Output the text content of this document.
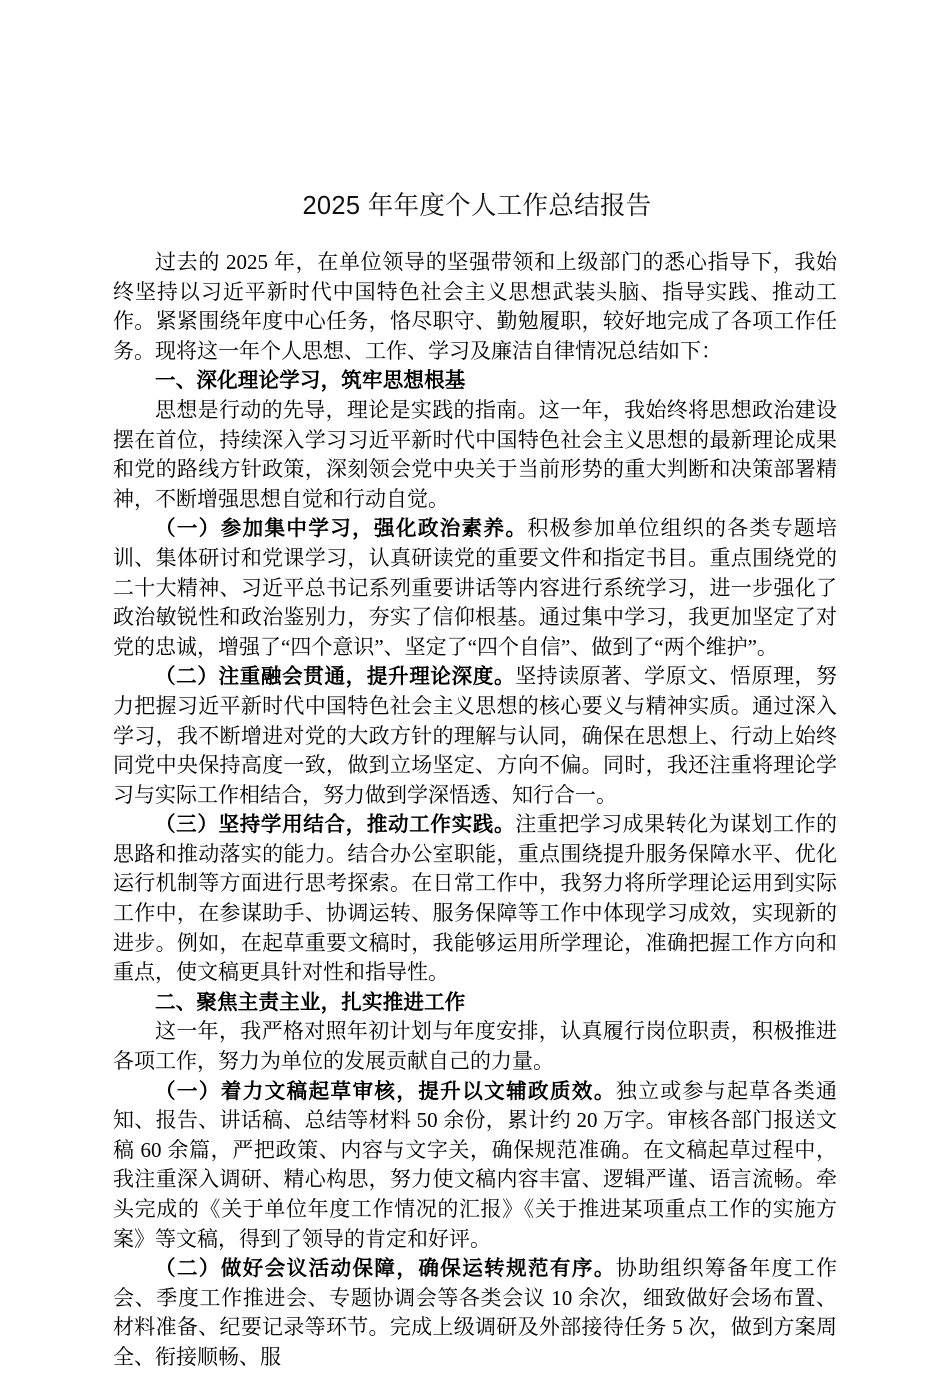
2025 年年度个人工作总结报告

过去的 2025 年，在单位领导的坚强带领和上级部门的悉心指导下，我始终坚持以习近平新时代中国特色社会主义思想武装头脑、指导实践、推动工作。紧紧围绕年度中心任务，恪尽职守、勤勉履职，较好地完成了各项工作任务。现将这一年个人思想、工作、学习及廉洁自律情况总结如下：

一、深化理论学习，筑牢思想根基

思想是行动的先导，理论是实践的指南。这一年，我始终将思想政治建设摆在首位，持续深入学习习近平新时代中国特色社会主义思想的最新理论成果和党的路线方针政策，深刻领会党中央关于当前形势的重大判断和决策部署精神，不断增强思想自觉和行动自觉。

（一）参加集中学习，强化政治素养。积极参加单位组织的各类专题培训、集体研讨和党课学习，认真研读党的重要文件和指定书目。重点围绕党的二十大精神、习近平总书记系列重要讲话等内容进行系统学习，进一步强化了政治敏锐性和政治鉴别力，夯实了信仰根基。通过集中学习，我更加坚定了对党的忠诚，增强了“四个意识”、坚定了“四个自信”、做到了“两个维护”。

（二）注重融会贯通，提升理论深度。坚持读原著、学原文、悟原理，努力把握习近平新时代中国特色社会主义思想的核心要义与精神实质。通过深入学习，我不断增进对党的大政方针的理解与认同，确保在思想上、行动上始终同党中央保持高度一致，做到立场坚定、方向不偏。同时，我还注重将理论学习与实际工作相结合，努力做到学深悟透、知行合一。

（三）坚持学用结合，推动工作实践。注重把学习成果转化为谋划工作的思路和推动落实的能力。结合办公室职能，重点围绕提升服务保障水平、优化运行机制等方面进行思考探索。在日常工作中，我努力将所学理论运用到实际工作中，在参谋助手、协调运转、服务保障等工作中体现学习成效，实现新的进步。例如，在起草重要文稿时，我能够运用所学理论，准确把握工作方向和重点，使文稿更具针对性和指导性。

二、聚焦主责主业，扎实推进工作

这一年，我严格对照年初计划与年度安排，认真履行岗位职责，积极推进各项工作，努力为单位的发展贡献自己的力量。

（一）着力文稿起草审核，提升以文辅政质效。独立或参与起草各类通知、报告、讲话稿、总结等材料 50 余份，累计约 20 万字。审核各部门报送文稿 60 余篇，严把政策、内容与文字关，确保规范准确。在文稿起草过程中，我注重深入调研、精心构思，努力使文稿内容丰富、逻辑严谨、语言流畅。牵头完成的《关于单位年度工作情况的汇报》《关于推进某项重点工作的实施方案》等文稿，得到了领导的肯定和好评。

（二）做好会议活动保障，确保运转规范有序。协助组织筹备年度工作会、季度工作推进会、专题协调会等各类会议 10 余次，细致做好会场布置、材料准备、纪要记录等环节。完成上级调研及外部接待任务 5 次，做到方案周全、衔接顺畅、服
